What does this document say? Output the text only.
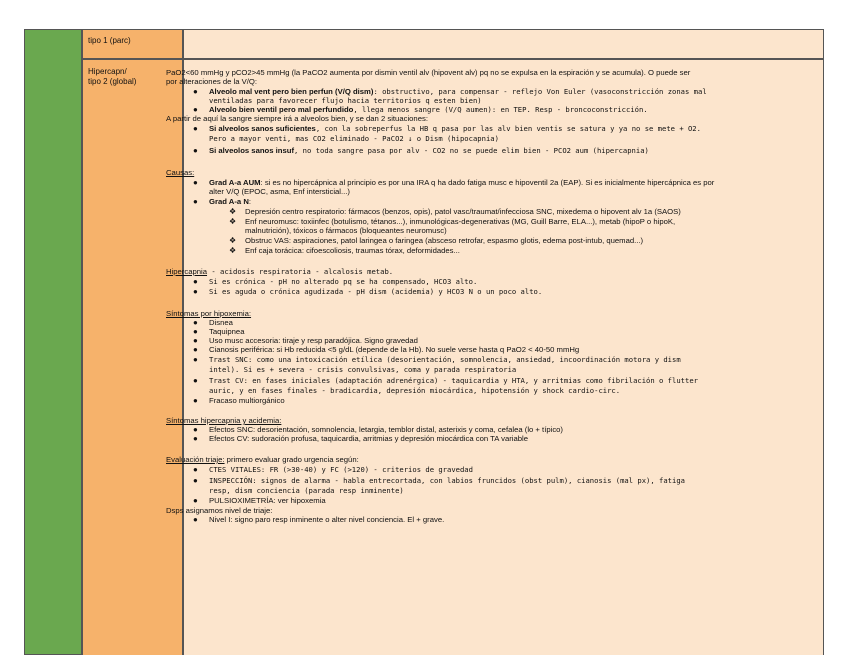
tipo 1 (parc)
Hipercapn/
tipo 2 (global)
PaO2<60 mmHg y pCO2>45 mmHg (la PaCO2 aumenta por dismin ventil alv (hipovent alv) pq no se expulsa en la espiración y se acumula). O puede ser
por alteraciones de la V/Q:
● Alveolo mal vent pero bien perfun (V/Q dism): obstructivo, para compensar - reflejo Von Euler (vasoconstricción zonas mal
ventiladas para favorecer flujo hacia territorios q esten bien)
● Alveolo bien ventil pero mal perfundido, llega menos sangre (V/Q aumen): en TEP. Resp - broncoconstricción.
A partir de aquí la sangre siempre irá a alveolos bien, y se dan 2 situaciones:
● Si alveolos sanos suficientes, con la sobreperfus la HB q pasa por las alv bien ventis se satura y ya no se mete + O2.
Pero a mayor venti, mas CO2 eliminado - PaCO2 ↓ o Dism (hipocapnia)
● Si alveolos sanos insuf, no toda sangre pasa por alv - CO2 no se puede elim bien - PCO2 aum (hipercapnia)
Causas:
● Grad A-a AUM: si es no hipercápnica al principio es por una IRA q ha dado fatiga musc e hipoventil 2a (EAP). Si es inicialmente hipercápnica es por
alter V/Q (EPOC, asma, Enf intersticial...)
● Grad A-a N:
❖ Depresión centro respiratorio: fármacos (benzos, opis), patol vasc/traumat/infecciosa SNC, mixedema o hipovent alv 1a (SAOS)
❖ Enf neuromusc: toxiinfec (botulismo, tétanos...), inmunológicas-degenerativas (MG, Guill Barre, ELA...), metab (hipoP o hipoK,
malnutrición), tóxicos o fármacos (bloqueantes neuromusc)
❖ Obstruc VAS: aspiraciones, patol laringea o faringea (absceso retrofar, espasmo glotis, edema post-intub, quemad...)
❖ Enf caja torácica: cifoescoliosis, traumas tórax, deformidades...
Hipercapnia - acidosis respiratoria - alcalosis metab.
● Si es crónica - pH no alterado pq se ha compensado, HCO3 alto.
● Si es aguda o crónica agudizada - pH dism (acidemia) y HCO3 N o un poco alto.
Síntomas por hipoxemia:
● Disnea
● Taquipnea
● Uso musc accesoria: tiraje y resp paradójica. Signo gravedad
● Cianosis periférica: si Hb reducida <5 g/dL (depende de la Hb). No suele verse hasta q PaO2 < 40-50 mmHg
● Trast SNC: como una intoxicación etílica (desorientación, somnolencia, ansiedad, incoordinación motora y dism
intel). Si es + severa - crisis convulsivas, coma y parada respiratoria
● Trast CV: en fases iniciales (adaptación adrenérgica) - taquicardia y HTA, y arritmias como fibrilación o flutter
auric, y en fases finales - bradicardia, depresión miocárdica, hipotensión y shock cardio-circ.
● Fracaso multiorgánico
Síntomas hipercapnia y acidemia:
● Efectos SNC: desorientación, somnolencia, letargia, temblor distal, asterixis y coma, cefalea (lo + típico)
● Efectos CV: sudoración profusa, taquicardia, arritmias y depresión miocárdica con TA variable
Evaluación triaje: primero evaluar grado urgencia según:
● CTES VITALES: FR (>30-40) y FC (>120) - criterios de gravedad
● INSPECCIÓN: signos de alarma - habla entrecortada, con labios fruncidos (obst pulm), cianosis (mal px), fatiga
resp, dism conciencia (parada resp inminente)
● PULSIOXIMETRÍA: ver hipoxemia
Dsps asignamos nivel de triaje:
● Nivel I: signo paro resp inminente o alter nivel conciencia. El + grave.
